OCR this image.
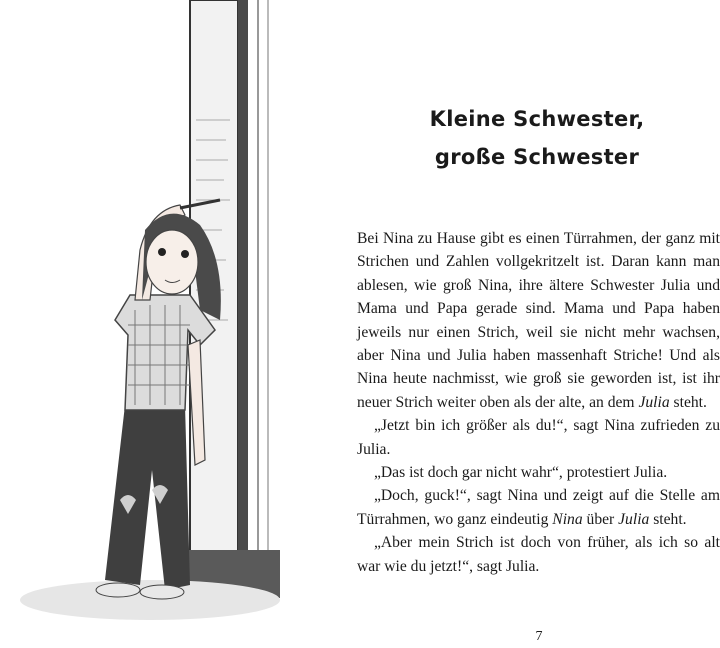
Kleine Schwester,
große Schwester

Bei Nina zu Hause gibt es einen Türrahmen, der ganz mit Strichen und Zahlen vollgekritzelt ist. Daran kann man ablesen, wie groß Nina, ihre ältere Schwester Julia und Mama und Papa gerade sind. Mama und Papa haben jeweils nur einen Strich, weil sie nicht mehr wachsen, aber Nina und Julia haben massenhaft Striche! Und als Nina heute nachmisst, wie groß sie geworden ist, ist ihr neuer Strich weiter oben als der alte, an dem Julia steht.

„Jetzt bin ich größer als du!“, sagt Nina zufrieden zu Julia.

„Das ist doch gar nicht wahr“, protestiert Julia.

„Doch, guck!“, sagt Nina und zeigt auf die Stelle am Türrahmen, wo ganz eindeutig Nina über Julia steht.

„Aber mein Strich ist doch von früher, als ich so alt war wie du jetzt!“, sagt Julia.

7
